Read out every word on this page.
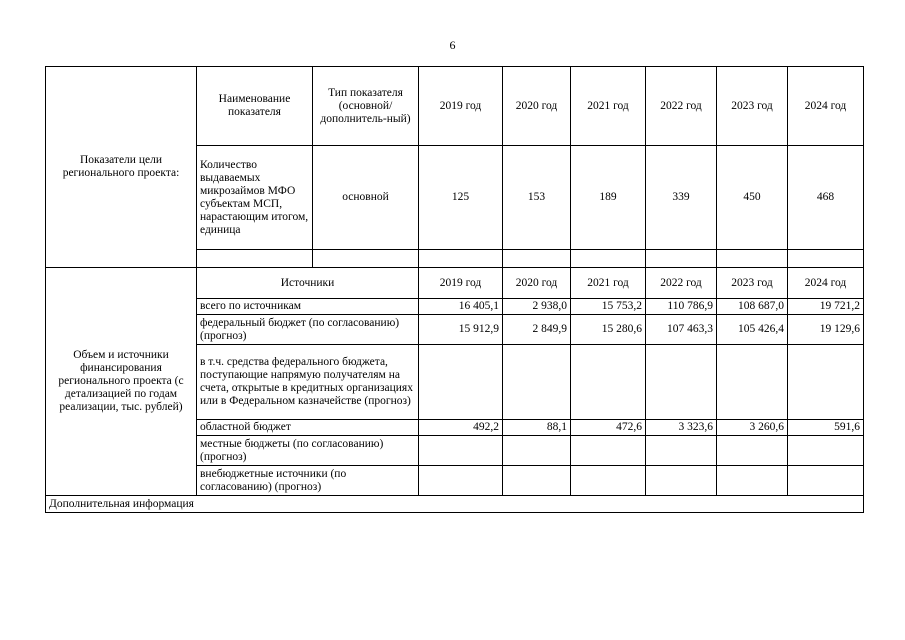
6
Показатели цели регионального проекта:	Наименование показателя	Тип показателя (основной/ дополнитель-ный)	2019 год	2020 год	2021 год	2022 год	2023 год	2024 год
	Количество выдаваемых микрозаймов МФО субъектам МСП, нарастающим итогом, единица	основной	125	153	189	339	450	468

Объем и источники финансирования регионального проекта (с детализацией по годам реализации, тыс. рублей)	Источники		2019 год	2020 год	2021 год	2022 год	2023 год	2024 год
	всего по источникам		16 405,1	2 938,0	15 753,2	110 786,9	108 687,0	19 721,2
	федеральный бюджет (по согласованию) (прогноз)		15 912,9	2 849,9	15 280,6	107 463,3	105 426,4	19 129,6
	в т.ч. средства федерального бюджета, поступающие напрямую получателям на счета, открытые в кредитных организациях или в Федеральном казначействе (прогноз)							
	областной бюджет		492,2	88,1	472,6	3 323,6	3 260,6	591,6
	местные бюджеты (по согласованию) (прогноз)							
	внебюджетные источники (по согласованию) (прогноз)							
Дополнительная информация								
